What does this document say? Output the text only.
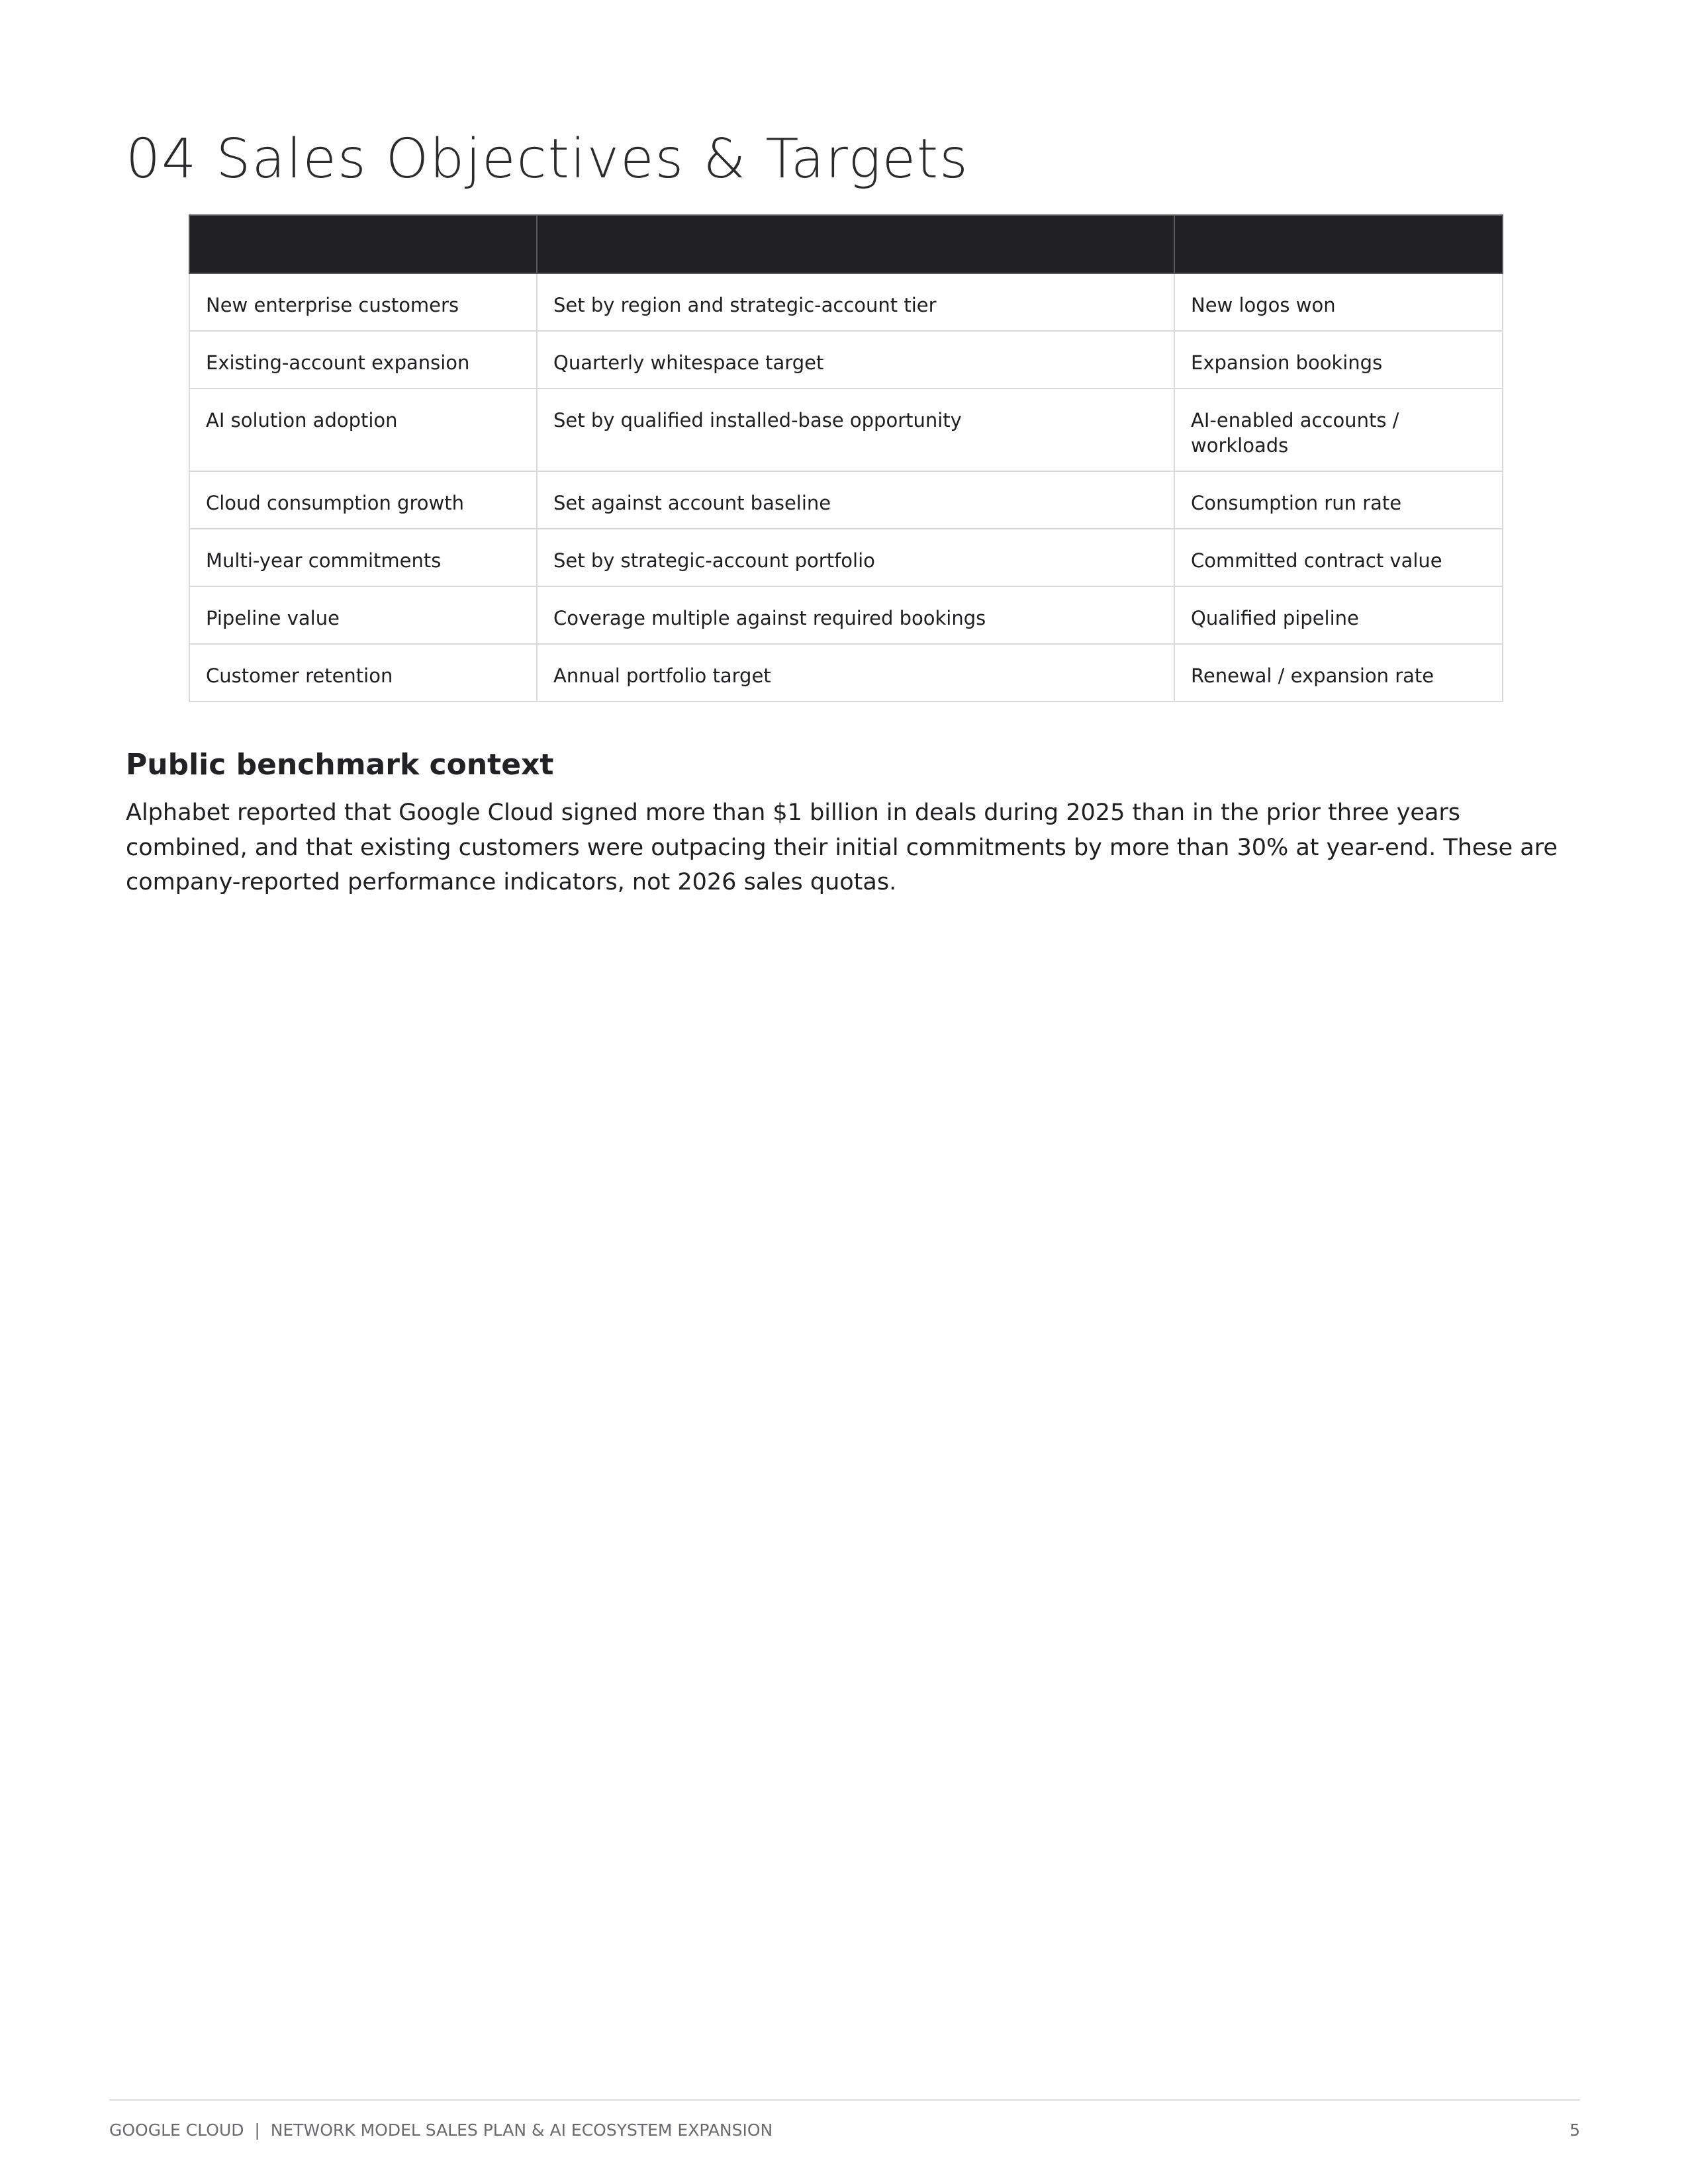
04 Sales Objectives & Targets

New enterprise customers	Set by region and strategic-account tier	New logos won
Existing-account expansion	Quarterly whitespace target	Expansion bookings
AI solution adoption	Set by qualified installed-base opportunity	AI-enabled accounts / workloads
Cloud consumption growth	Set against account baseline	Consumption run rate
Multi-year commitments	Set by strategic-account portfolio	Committed contract value
Pipeline value	Coverage multiple against required bookings	Qualified pipeline
Customer retention	Annual portfolio target	Renewal / expansion rate
Public benchmark context

Alphabet reported that Google Cloud signed more than $1 billion in deals during 2025 than in the prior three years combined, and that existing customers were outpacing their initial commitments by more than 30% at year-end. These are company-reported performance indicators, not 2026 sales quotas.

GOOGLE CLOUD  |  NETWORK MODEL SALES PLAN & AI ECOSYSTEM EXPANSION	5
